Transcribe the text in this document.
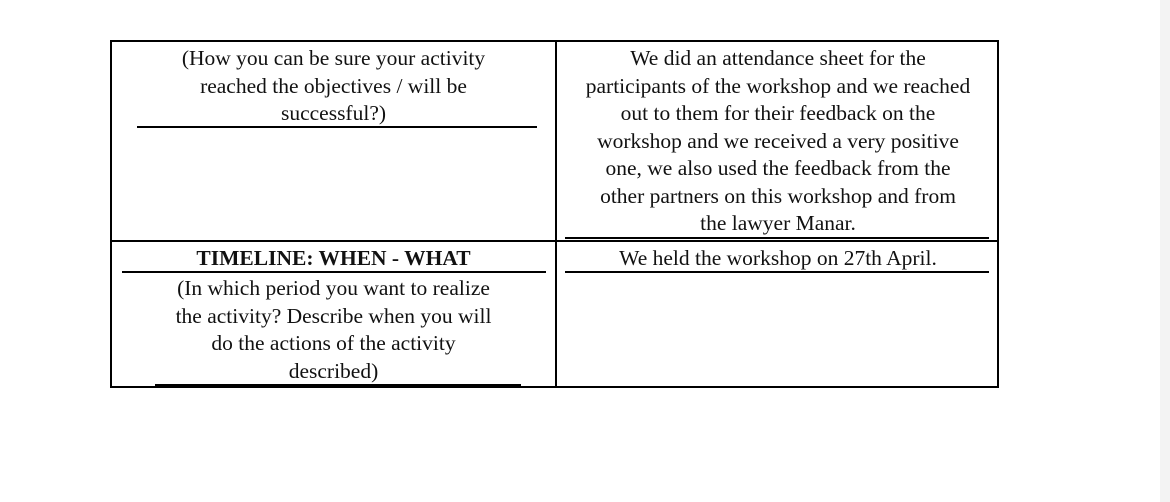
(How you can be sure your activity
reached the objectives / will be
successful?)

We did an attendance sheet for the
participants of the workshop and we reached
out to them for their feedback on the
workshop and we received a very positive
one, we also used the feedback from the
other partners on this workshop and from
the lawyer Manar.

TIMELINE: WHEN - WHAT

(In which period you want to realize
the activity? Describe when you will
do the actions of the activity
described)

We held the workshop on 27th April.
